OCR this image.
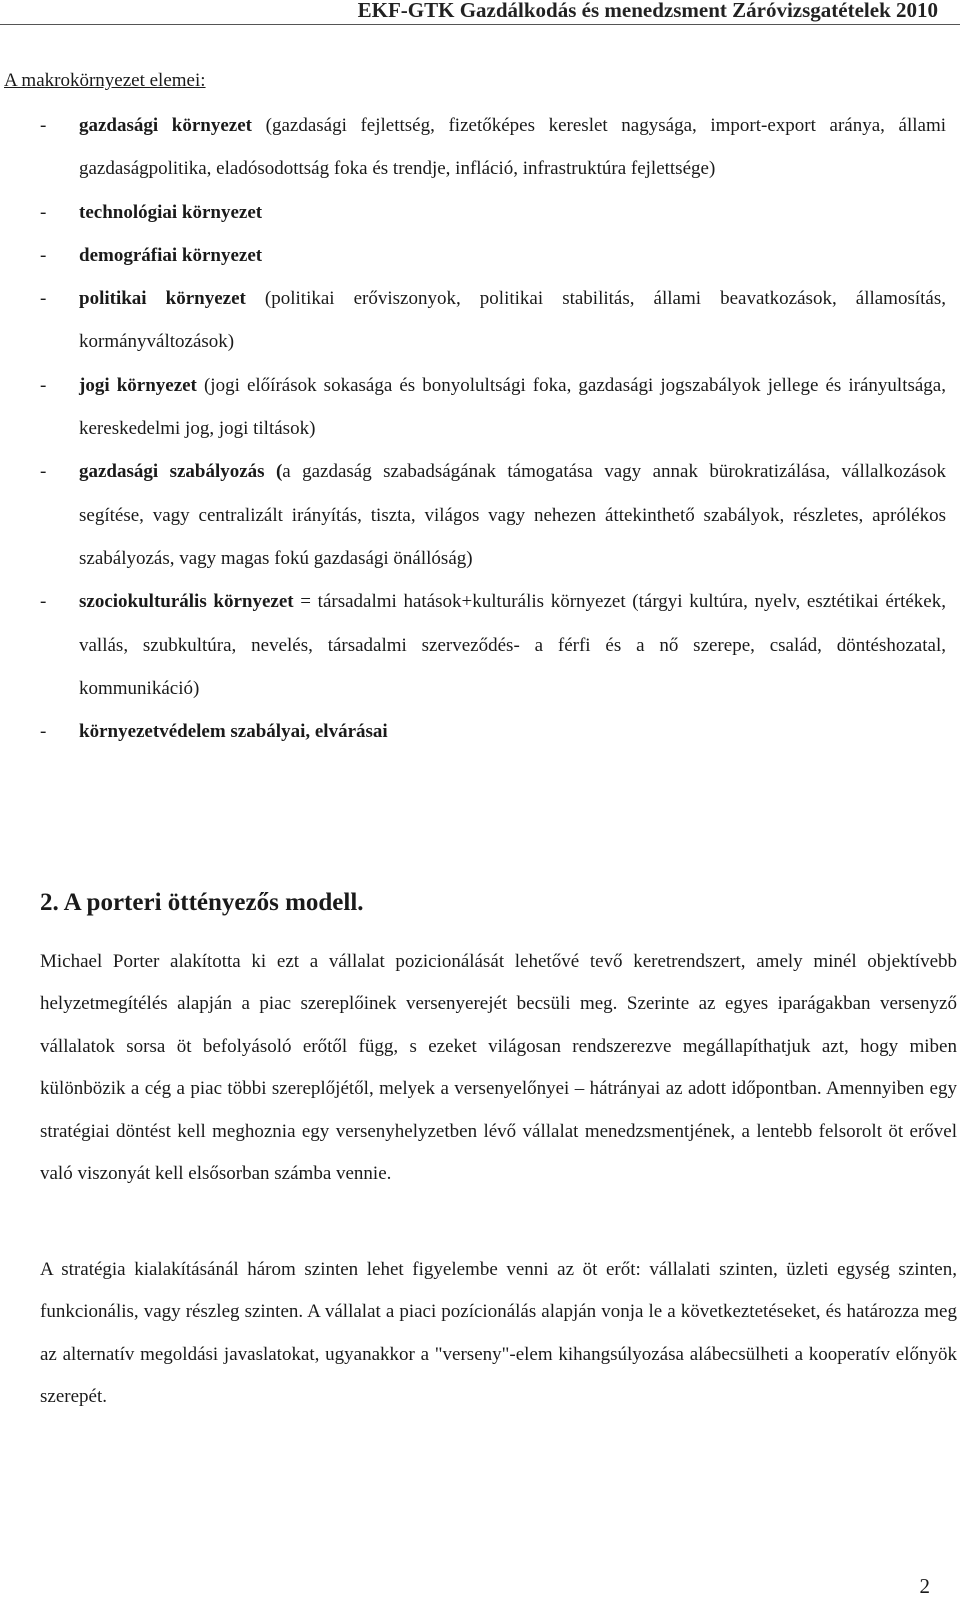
EKF-GTK Gazdálkodás és menedzsment Záróvizsgatételek 2010
A makrokörnyezet elemei:
- gazdasági környezet (gazdasági fejlettség, fizetőképes kereslet nagysága, import-export aránya, állami gazdaságpolitika, eladósodottság foka és trendje, infláció, infrastruktúra fejlettsége)
- technológiai környezet
- demográfiai környezet
- politikai környezet (politikai erőviszonyok, politikai stabilitás, állami beavatkozások, államosítás, kormányváltozások)
- jogi környezet (jogi előírások sokasága és bonyolultsági foka, gazdasági jogszabályok jellege és irányultsága, kereskedelmi jog, jogi tiltások)
- gazdasági szabályozás (a gazdaság szabadságának támogatása vagy annak bürokratizálása, vállalkozások segítése, vagy centralizált irányítás, tiszta, világos vagy nehezen áttekinthető szabályok, részletes, aprólékos szabályozás, vagy magas fokú gazdasági önállóság)
- szociokulturális környezet = társadalmi hatások+kulturális környezet (tárgyi kultúra, nyelv, esztétikai értékek, vallás, szubkultúra, nevelés, társadalmi szerveződés- a férfi és a nő szerepe, család, döntéshozatal, kommunikáció)
- környezetvédelem szabályai, elvárásai
2. A porteri öttényezős modell.

Michael Porter alakította ki ezt a vállalat pozicionálását lehetővé tevő keretrendszert, amely minél objektívebb helyzetmegítélés alapján a piac szereplőinek versenyerejét becsüli meg. Szerinte az egyes iparágakban versenyző vállalatok sorsa öt befolyásoló erőtől függ, s ezeket világosan rendszerezve megállapíthatjuk azt, hogy miben különbözik a cég a piac többi szereplőjétől, melyek a versenyelőnyei – hátrányai az adott időpontban. Amennyiben egy stratégiai döntést kell meghoznia egy versenyhelyzetben lévő vállalat menedzsmentjének, a lentebb felsorolt öt erővel való viszonyát kell elsősorban számba vennie.

A stratégia kialakításánál három szinten lehet figyelembe venni az öt erőt: vállalati szinten, üzleti egység szinten, funkcionális, vagy részleg szinten. A vállalat a piaci pozícionálás alapján vonja le a következtetéseket, és határozza meg az alternatív megoldási javaslatokat, ugyanakkor a "verseny"-elem kihangsúlyozása alábecsülheti a kooperatív előnyök szerepét.

2
